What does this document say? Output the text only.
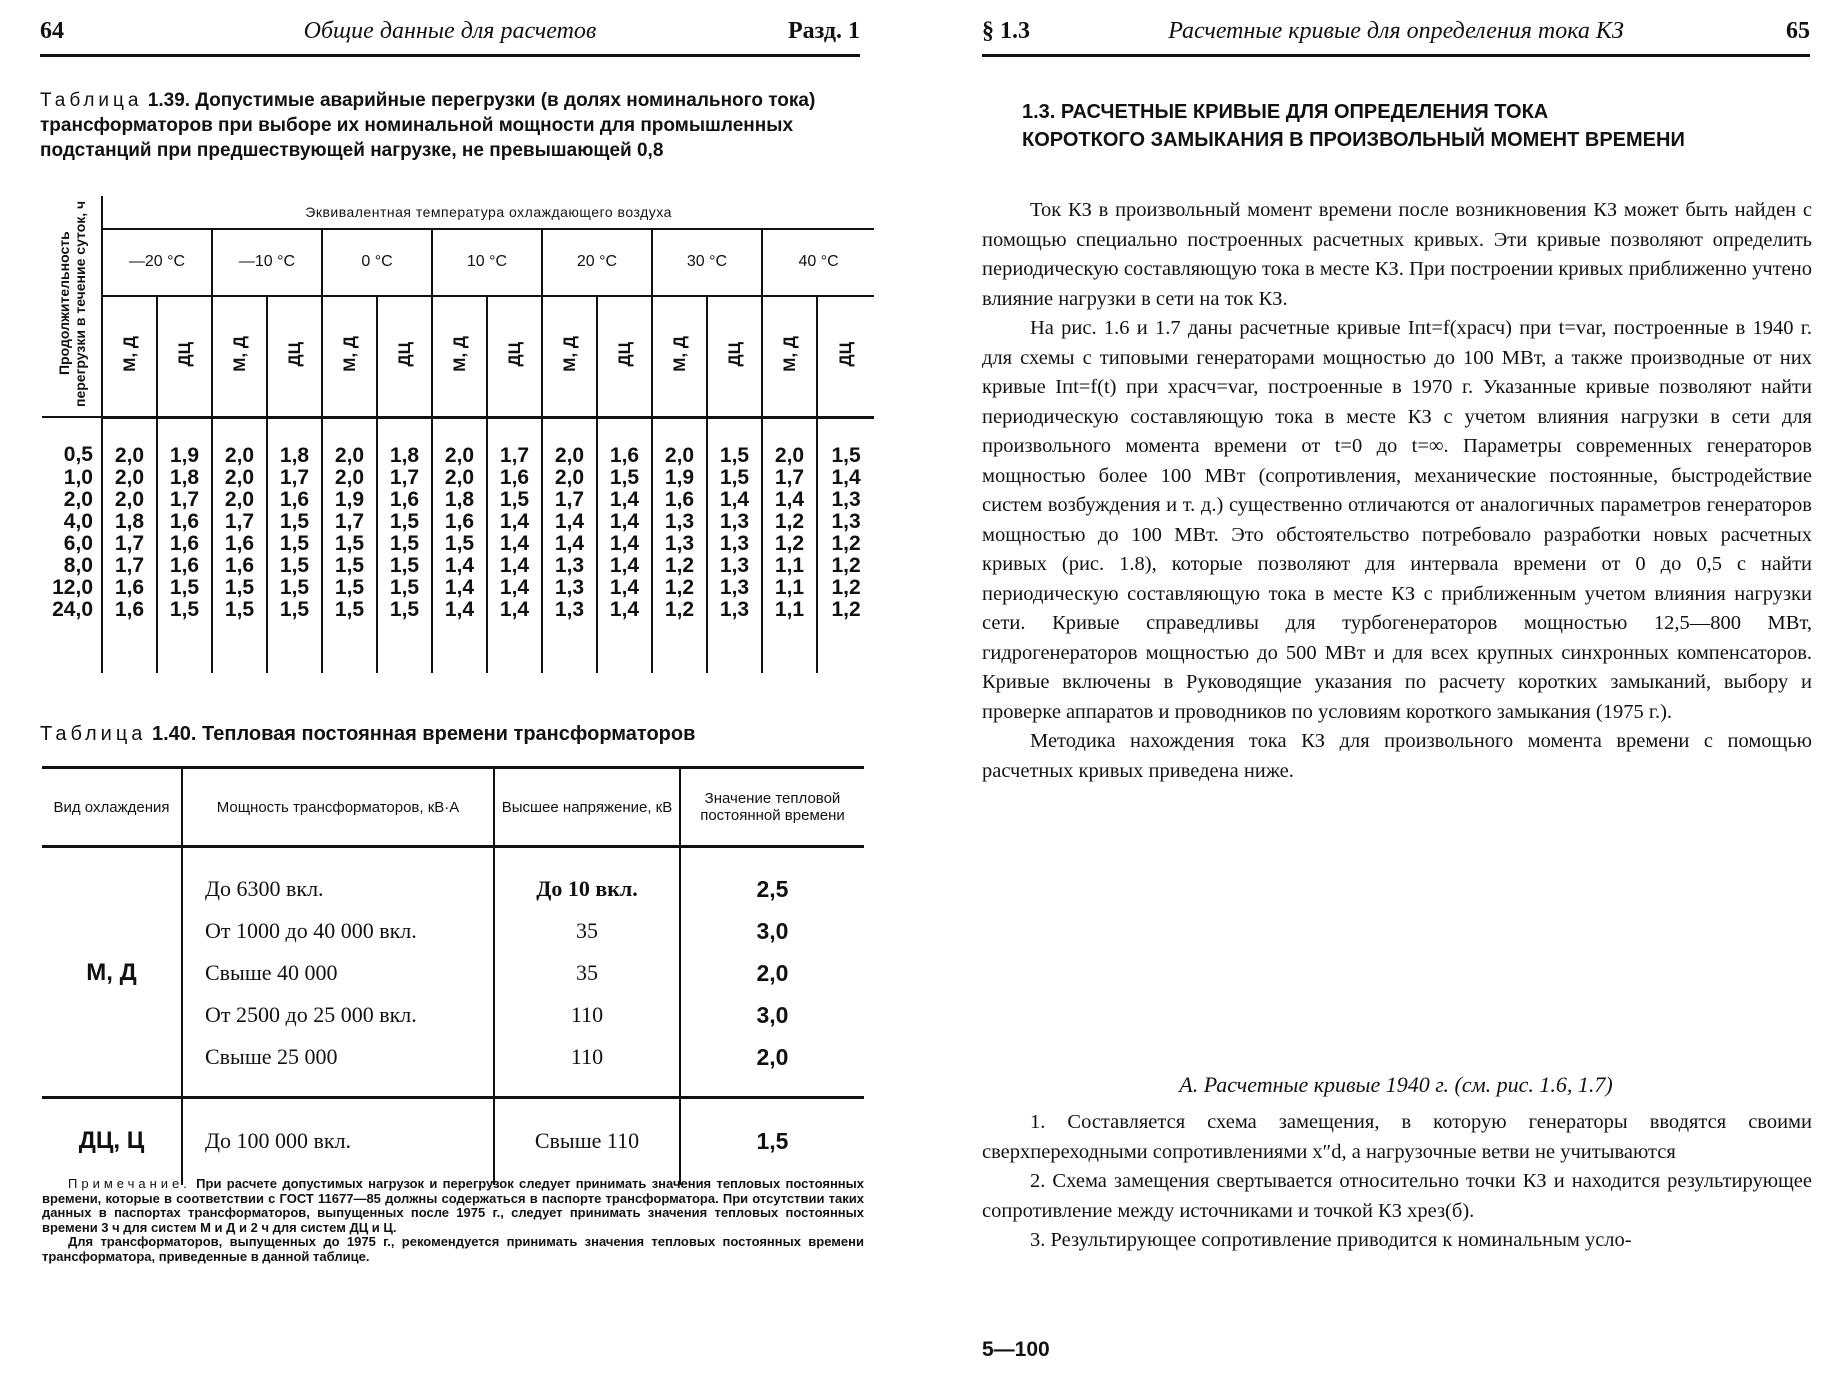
64	Общие данные для расчетов	Разд. 1
Таблица 1.39. Допустимые аварийные перегрузки (в долях номинального тока) трансформаторов при выборе их номинальной мощности для промышленных подстанций при предшествующей нагрузке, не превышающей 0,8
Продолжительность перегрузки в течение суток, ч	Эквивалентная температура охлаждающего воздуха													
	—20 °C		—10 °C		0 °C		10 °C		20 °C		30 °C		40 °C	
	М, Д	ДЦ	М, Д	ДЦ	М, Д	ДЦ	М, Д	ДЦ	М, Д	ДЦ	М, Д	ДЦ	М, Д	ДЦ
0,5	2,0	1,9	2,0	1,8	2,0	1,8	2,0	1,7	2,0	1,6	2,0	1,5	2,0	1,5
1,0	2,0	1,8	2,0	1,7	2,0	1,7	2,0	1,6	2,0	1,5	1,9	1,5	1,7	1,4
2,0	2,0	1,7	2,0	1,6	1,9	1,6	1,8	1,5	1,7	1,4	1,6	1,4	1,4	1,3
4,0	1,8	1,6	1,7	1,5	1,7	1,5	1,6	1,4	1,4	1,4	1,3	1,3	1,2	1,3
6,0	1,7	1,6	1,6	1,5	1,5	1,5	1,5	1,4	1,4	1,4	1,3	1,3	1,2	1,2
8,0	1,7	1,6	1,6	1,5	1,5	1,5	1,4	1,4	1,3	1,4	1,2	1,3	1,1	1,2
12,0	1,6	1,5	1,5	1,5	1,5	1,5	1,4	1,4	1,3	1,4	1,2	1,3	1,1	1,2
24,0	1,6	1,5	1,5	1,5	1,5	1,5	1,4	1,4	1,3	1,4	1,2	1,3	1,1	1,2

Таблица 1.40. Тепловая постоянная времени трансформаторов
Вид охлаждения	Мощность трансформаторов, кВ·А	Высшее напряжение, кВ	Значение тепловой постоянной времени

М, Д	До 6300 вкл.	До 10 вкл.	2,5
	От 1000 до 40 000 вкл.	35	3,0
	Свыше 40 000	35	2,0
	От 2500 до 25 000 вкл.	110	3,0
	Свыше 25 000	110	2,0

ДЦ, Ц	До 100 000 вкл.	Свыше 110	1,5

Примечание. При расчете допустимых нагрузок и перегрузок следует принимать значения тепловых постоянных времени, которые в соответствии с ГОСТ 11677—85 должны содержаться в паспорте трансформатора. При отсутствии таких данных в паспортах трансформаторов, выпущенных после 1975 г., следует принимать значения тепловых постоянных времени 3 ч для систем М и Д и 2 ч для систем ДЦ и Ц.

Для трансформаторов, выпущенных до 1975 г., рекомендуется принимать значения тепловых постоянных времени трансформатора, приведенные в данной таблице.

§ 1.3	Расчетные кривые для определения тока КЗ	65
1.3. РАСЧЕТНЫЕ КРИВЫЕ ДЛЯ ОПРЕДЕЛЕНИЯ ТОКА
КОРОТКОГО ЗАМЫКАНИЯ В ПРОИЗВОЛЬНЫЙ МОМЕНТ ВРЕМЕНИ

Ток КЗ в произвольный момент времени после возникновения КЗ может быть найден с помощью специально построенных расчетных кривых. Эти кривые позволяют определить периодическую составляющую тока в месте КЗ. При построении кривых приближенно учтено влияние нагрузки в сети на ток КЗ.

На рис. 1.6 и 1.7 даны расчетные кривые Iпt=f(xрасч) при t=var, построенные в 1940 г. для схемы с типовыми генераторами мощностью до 100 МВт, а также производные от них кривые Iпt=f(t) при xрасч=var, построенные в 1970 г. Указанные кривые позволяют найти периодическую составляющую тока в месте КЗ с учетом влияния нагрузки в сети для произвольного момента времени от t=0 до t=∞. Параметры современных генераторов мощностью более 100 МВт (сопротивления, механические постоянные, быстродействие систем возбуждения и т. д.) существенно отличаются от аналогичных параметров генераторов мощностью до 100 МВт. Это обстоятельство потребовало разработки новых расчетных кривых (рис. 1.8), которые позволяют для интервала времени от 0 до 0,5 с найти периодическую составляющую тока в месте КЗ с приближенным учетом влияния нагрузки сети. Кривые справедливы для турбогенераторов мощностью 12,5—800 МВт, гидрогенераторов мощностью до 500 МВт и для всех крупных синхронных компенсаторов. Кривые включены в Руководящие указания по расчету коротких замыканий, выбору и проверке аппаратов и проводников по условиям короткого замыкания (1975 г.).

Методика нахождения тока КЗ для произвольного момента времени с помощью расчетных кривых приведена ниже.

А. Расчетные кривые 1940 г. (см. рис. 1.6, 1.7)

1. Составляется схема замещения, в которую генераторы вводятся своими сверхпереходными сопротивлениями x″d, а нагрузочные ветви не учитываются

2. Схема замещения свертывается относительно точки КЗ и находится результирующее сопротивление между источниками и точкой КЗ xрез(б).

3. Результирующее сопротивление приводится к номинальным усло-

5—100
